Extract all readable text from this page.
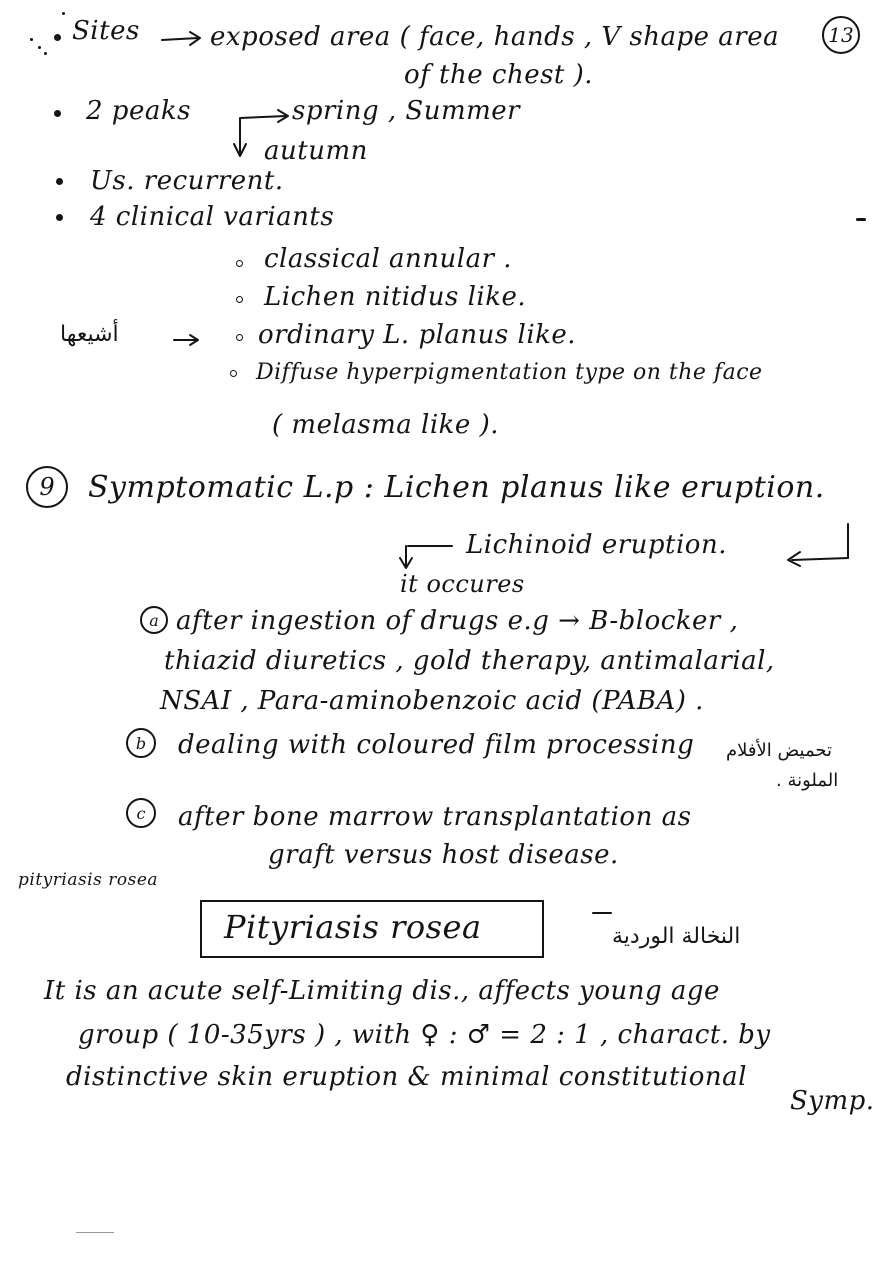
13
Sites	exposed area ( face, hands , V shape area
of the chest ).
2 peaks	spring , Summer
autumn
Us. recurrent.
4 clinical variants
classical annular .
Lichen nitidus like.
أشيعها	ordinary L. planus like.
Diffuse hyperpigmentation type on the face
( melasma like ).
9 Symptomatic L.p : Lichen planus like eruption.
Lichinoid eruption.
it occures
a after ingestion of drugs e.g → B-blocker ,
thiazid diuretics , gold therapy, antimalarial,
NSAI , Para-aminobenzoic acid (PABA) .
b dealing with coloured film processing تحميض الأفلام
الملونة .
c after bone marrow transplantation as
graft versus host disease.
pityriasis rosea
Pityriasis rosea	النخالة الوردية
It is an acute self-Limiting dis., affects young age
group ( 10-35yrs ) , with ♀ : ♂ = 2 : 1 , charact. by
distinctive skin eruption & minimal constitutional
Symp.
